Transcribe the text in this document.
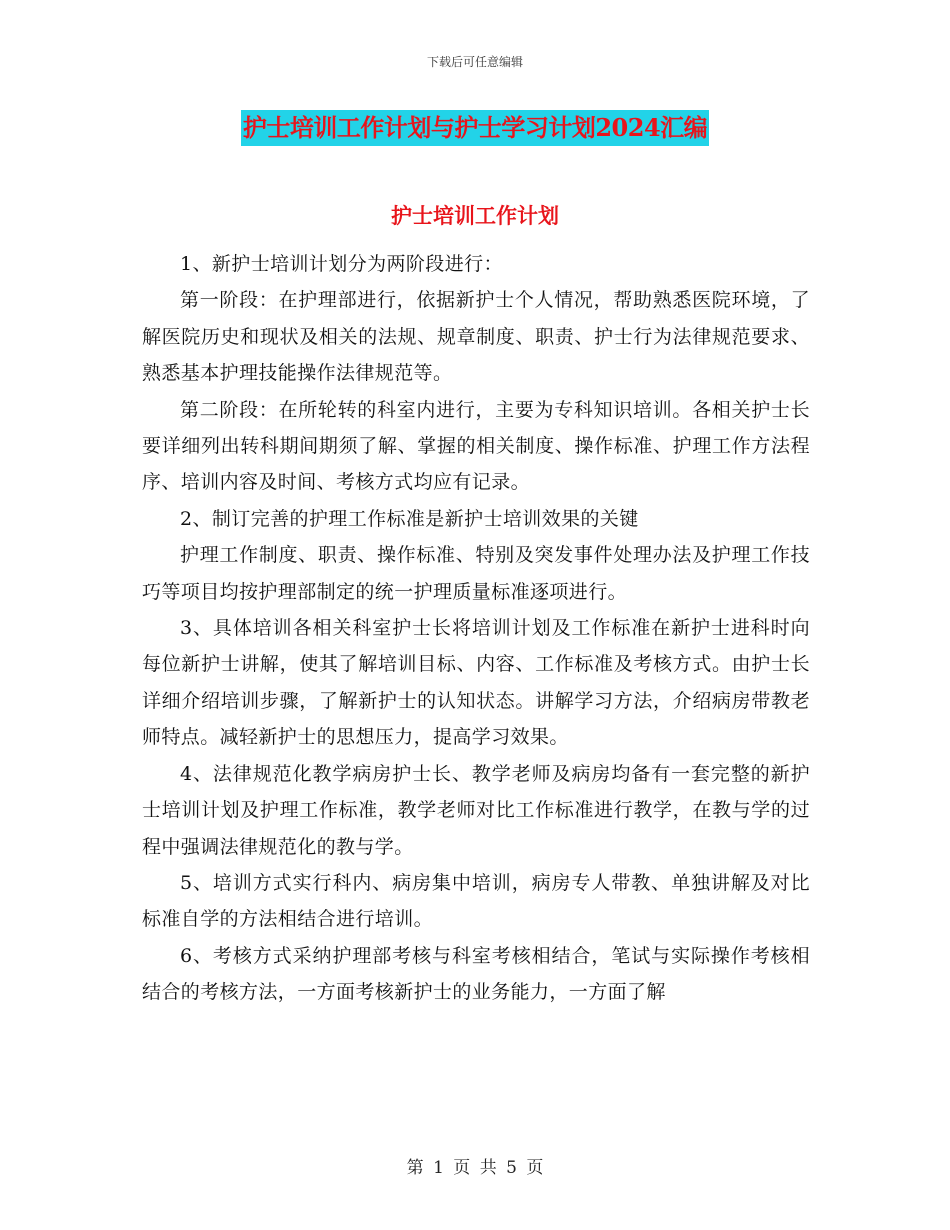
下载后可任意编辑
护士培训工作计划与护士学习计划2024汇编
护士培训工作计划

1、新护士培训计划分为两阶段进行：

第一阶段：在护理部进行，依据新护士个人情况，帮助熟悉医院环境，了解医院历史和现状及相关的法规、规章制度、职责、护士行为法律规范要求、熟悉基本护理技能操作法律规范等。

第二阶段：在所轮转的科室内进行，主要为专科知识培训。各相关护士长要详细列出转科期间期须了解、掌握的相关制度、操作标准、护理工作方法程序、培训内容及时间、考核方式均应有记录。

2、制订完善的护理工作标准是新护士培训效果的关键

护理工作制度、职责、操作标准、特别及突发事件处理办法及护理工作技巧等项目均按护理部制定的统一护理质量标准逐项进行。

3、具体培训各相关科室护士长将培训计划及工作标准在新护士进科时向每位新护士讲解，使其了解培训目标、内容、工作标准及考核方式。由护士长详细介绍培训步骤，了解新护士的认知状态。讲解学习方法，介绍病房带教老师特点。减轻新护士的思想压力，提高学习效果。

4、法律规范化教学病房护士长、教学老师及病房均备有一套完整的新护士培训计划及护理工作标准，教学老师对比工作标准进行教学，在教与学的过程中强调法律规范化的教与学。

5、培训方式实行科内、病房集中培训，病房专人带教、单独讲解及对比标准自学的方法相结合进行培训。

6、考核方式采纳护理部考核与科室考核相结合，笔试与实际操作考核相结合的考核方法，一方面考核新护士的业务能力，一方面了解

第 1 页 共 5 页
